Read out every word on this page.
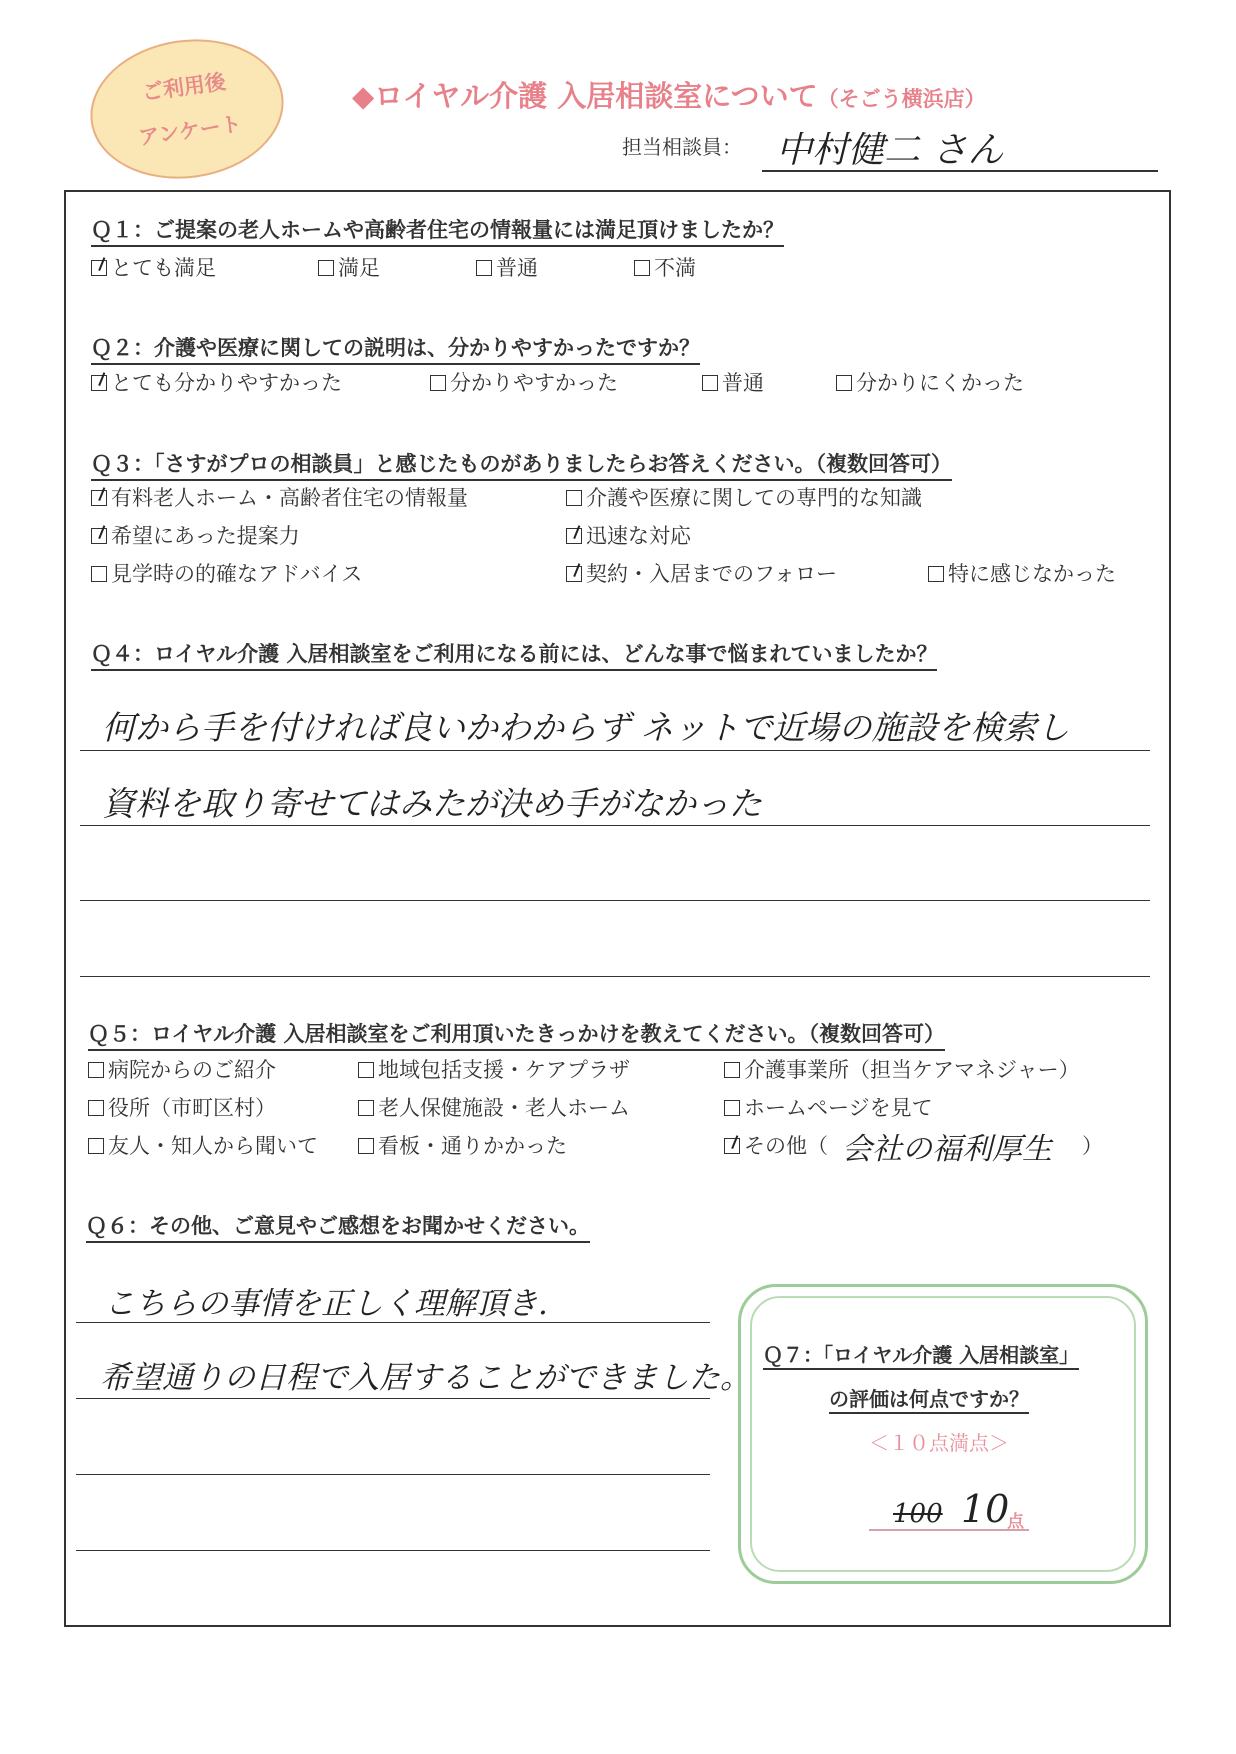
ご利用後
アンケート
◆ロイヤル介護 入居相談室について（そごう横浜店）
担当相談員： 中村健二 さん
Ｑ１：ご提案の老人ホームや高齢者住宅の情報量には満足頂けましたか？
とても満足	満足	普通	不満
Ｑ２：介護や医療に関しての説明は、分かりやすかったですか？
とても分かりやすかった	分かりやすかった	普通	分かりにくかった
Ｑ３：「さすがプロの相談員」と感じたものがありましたらお答えください。（複数回答可）
有料老人ホーム・高齢者住宅の情報量	介護や医療に関しての専門的な知識
希望にあった提案力	迅速な対応
見学時の的確なアドバイス	契約・入居までのフォロー	特に感じなかった
Ｑ４：ロイヤル介護 入居相談室をご利用になる前には、どんな事で悩まれていましたか？
何から手を付ければ良いかわからず ネットで近場の施設を検索し
資料を取り寄せてはみたが決め手がなかった
Ｑ５：ロイヤル介護 入居相談室をご利用頂いたきっかけを教えてください。（複数回答可）
病院からのご紹介	地域包括支援・ケアプラザ	介護事業所（担当ケアマネジャー）
役所（市町区村）	老人保健施設・老人ホーム	ホームページを見て
友人・知人から聞いて	看板・通りかかった	その他（ 会社の福利厚生 ）
Ｑ６：その他、ご意見やご感想をお聞かせください。
こちらの事情を正しく理解頂き.
希望通りの日程で入居することができました。
Ｑ７：「ロイヤル介護 入居相談室」
の評価は何点ですか？
＜１０点満点＞
100 10
点
